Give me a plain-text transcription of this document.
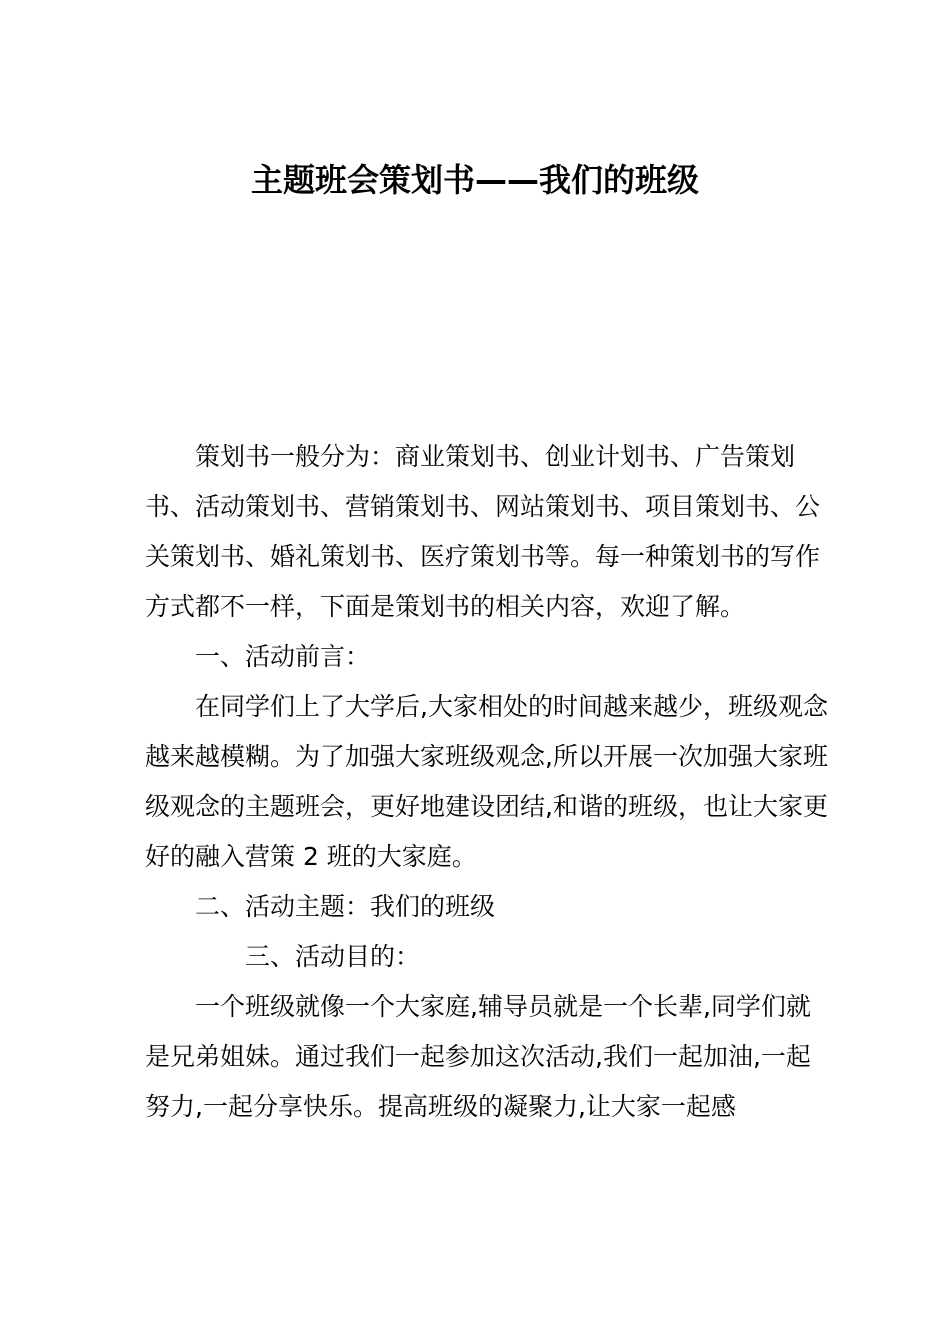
主题班会策划书——我们的班级

策划书一般分为：商业策划书、创业计划书、广告策划书、活动策划书、营销策划书、网站策划书、项目策划书、公关策划书、婚礼策划书、医疗策划书等。每一种策划书的写作方式都不一样，下面是策划书的相关内容，欢迎了解。

一、活动前言：

在同学们上了大学后,大家相处的时间越来越少，班级观念越来越模糊。为了加强大家班级观念,所以开展一次加强大家班级观念的主题班会，更好地建设团结,和谐的班级，也让大家更好的融入营策 2 班的大家庭。

二、活动主题：我们的班级

三、活动目的：

一个班级就像一个大家庭,辅导员就是一个长辈,同学们就是兄弟姐妹。通过我们一起参加这次活动,我们一起加油,一起努力,一起分享快乐。提高班级的凝聚力,让大家一起感
